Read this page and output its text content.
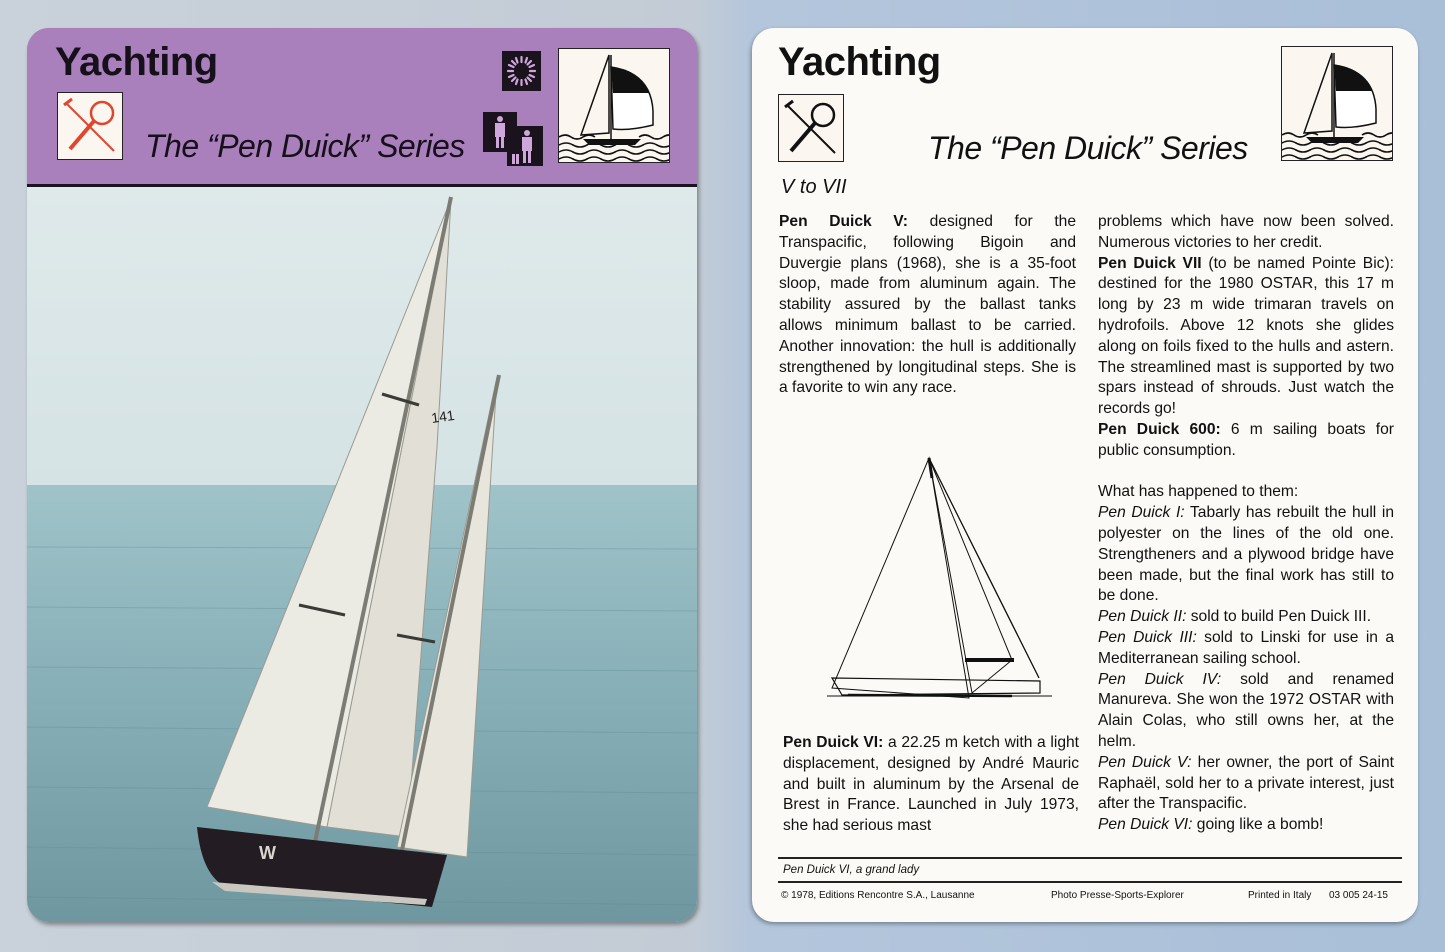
Yachting
The “Pen Duick” Series
141
W
Yachting
The “Pen Duick” Series
V to VII

Pen Duick V: designed for the Transpacific, following Bigoin and Duvergie plans (1968), she is a 35-foot sloop, made from aluminum again. The stability assured by the ballast tanks allows minimum ballast to be carried. Another innovation: the hull is additionally strengthened by longitudinal steps. She is a favorite to win any race.

Pen Duick VI: a 22.25 m ketch with a light displacement, designed by André Mauric and built in aluminum by the Arsenal de Brest in France. Launched in July 1973, she had serious mast

problems which have now been solved. Numerous victories to her credit.

Pen Duick VII (to be named Pointe Bic): destined for the 1980 OSTAR, this 17 m long by 23 m wide trimaran travels on hydrofoils. Above 12 knots she glides along on foils fixed to the hulls and astern. The streamlined mast is supported by two spars instead of shrouds. Just watch the records go!

Pen Duick 600: 6 m sailing boats for public consumption.

What has happened to them:

Pen Duick I: Tabarly has rebuilt the hull in polyester on the lines of the old one. Strengtheners and a plywood bridge have been made, but the final work has still to be done.

Pen Duick II: sold to build Pen Duick III.

Pen Duick III: sold to Linski for use in a Mediterranean sailing school.

Pen Duick IV: sold and renamed Manureva. She won the 1972 OSTAR with Alain Colas, who still owns her, at the helm.

Pen Duick V: her owner, the port of Saint Raphaël, sold her to a private interest, just after the Transpacific.

Pen Duick VI: going like a bomb!

Pen Duick VI, a grand lady
© 1978, Editions Rencontre S.A., Lausanne	Photo Presse-Sports-Explorer	Printed in Italy 03 005 24-15
